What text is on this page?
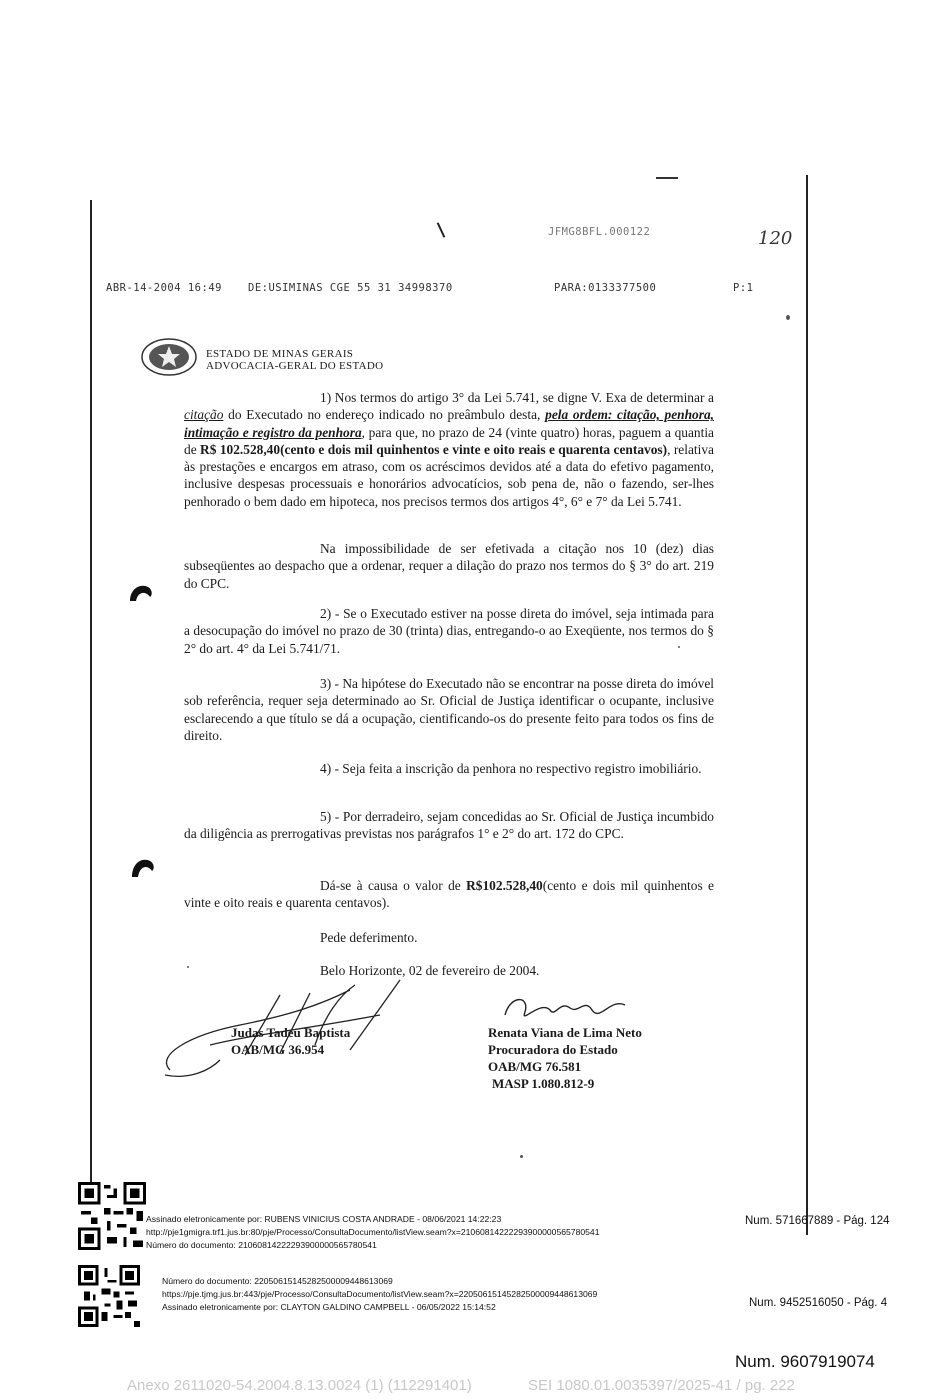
JFMG8BFL.000122	120
ABR-14-2004 16:49 DE:USIMINAS CGE 55 31 34998370	PARA:0133377500	P:1
ESTADO DE MINAS GERAIS
ADVOCACIA-GERAL DO ESTADO
1) Nos termos do artigo 3° da Lei 5.741, se digne V. Exa de determinar a citação do Executado no endereço indicado no preâmbulo desta, pela ordem: citação, penhora, intimação e registro da penhora, para que, no prazo de 24 (vinte quatro) horas, paguem a quantia de R$ 102.528,40(cento e dois mil quinhentos e vinte e oito reais e quarenta centavos), relativa às prestações e encargos em atraso, com os acréscimos devidos até a data do efetivo pagamento, inclusive despesas processuais e honorários advocatícios, sob pena de, não o fazendo, ser-lhes penhorado o bem dado em hipoteca, nos precisos termos dos artigos 4°, 6° e 7° da Lei 5.741.
Na impossibilidade de ser efetivada a citação nos 10 (dez) dias subseqüentes ao despacho que a ordenar, requer a dilação do prazo nos termos do § 3° do art. 219 do CPC.
2) - Se o Executado estiver na posse direta do imóvel, seja intimada para a desocupação do imóvel no prazo de 30 (trinta) dias, entregando-o ao Exeqüente, nos termos do § 2° do art. 4° da Lei 5.741/71.
3) - Na hipótese do Executado não se encontrar na posse direta do imóvel sob referência, requer seja determinado ao Sr. Oficial de Justiça identificar o ocupante, inclusive esclarecendo a que título se dá a ocupação, cientificando-os do presente feito para todos os fins de direito.
4) - Seja feita a inscrição da penhora no respectivo registro imobiliário.
5) - Por derradeiro, sejam concedidas ao Sr. Oficial de Justiça incumbido da diligência as prerrogativas previstas nos parágrafos 1° e 2° do art. 172 do CPC.
Dá-se à causa o valor de R$102.528,40(cento e dois mil quinhentos e vinte e oito reais e quarenta centavos).
Pede deferimento.
Belo Horizonte, 02 de fevereiro de 2004.
Judas Tadeu Baptista
OAB/MG 36.954
Renata Viana de Lima Neto
Procuradora do Estado
OAB/MG 76.581
MASP 1.080.812-9
Assinado eletronicamente por: RUBENS VINICIUS COSTA ANDRADE - 08/06/2021 14:22:23
http://pje1gmigra.trf1.jus.br:80/pje/Processo/ConsultaDocumento/listView.seam?x=21060814222293900000565780541
Número do documento: 21060814222293900000565780541
Num. 571667889 - Pág. 124
Número do documento: 22050615145282500009448613069
https://pje.tjmg.jus.br:443/pje/Processo/ConsultaDocumento/listView.seam?x=22050615145282500009448613069
Assinado eletronicamente por: CLAYTON GALDINO CAMPBELL - 06/05/2022 15:14:52	Num. 9452516050 - Pág. 4
Num. 9607919074
Anexo 2611020-54.2004.8.13.0024 (1) (112291401)	SEI 1080.01.0035397/2025-41 / pg. 222
